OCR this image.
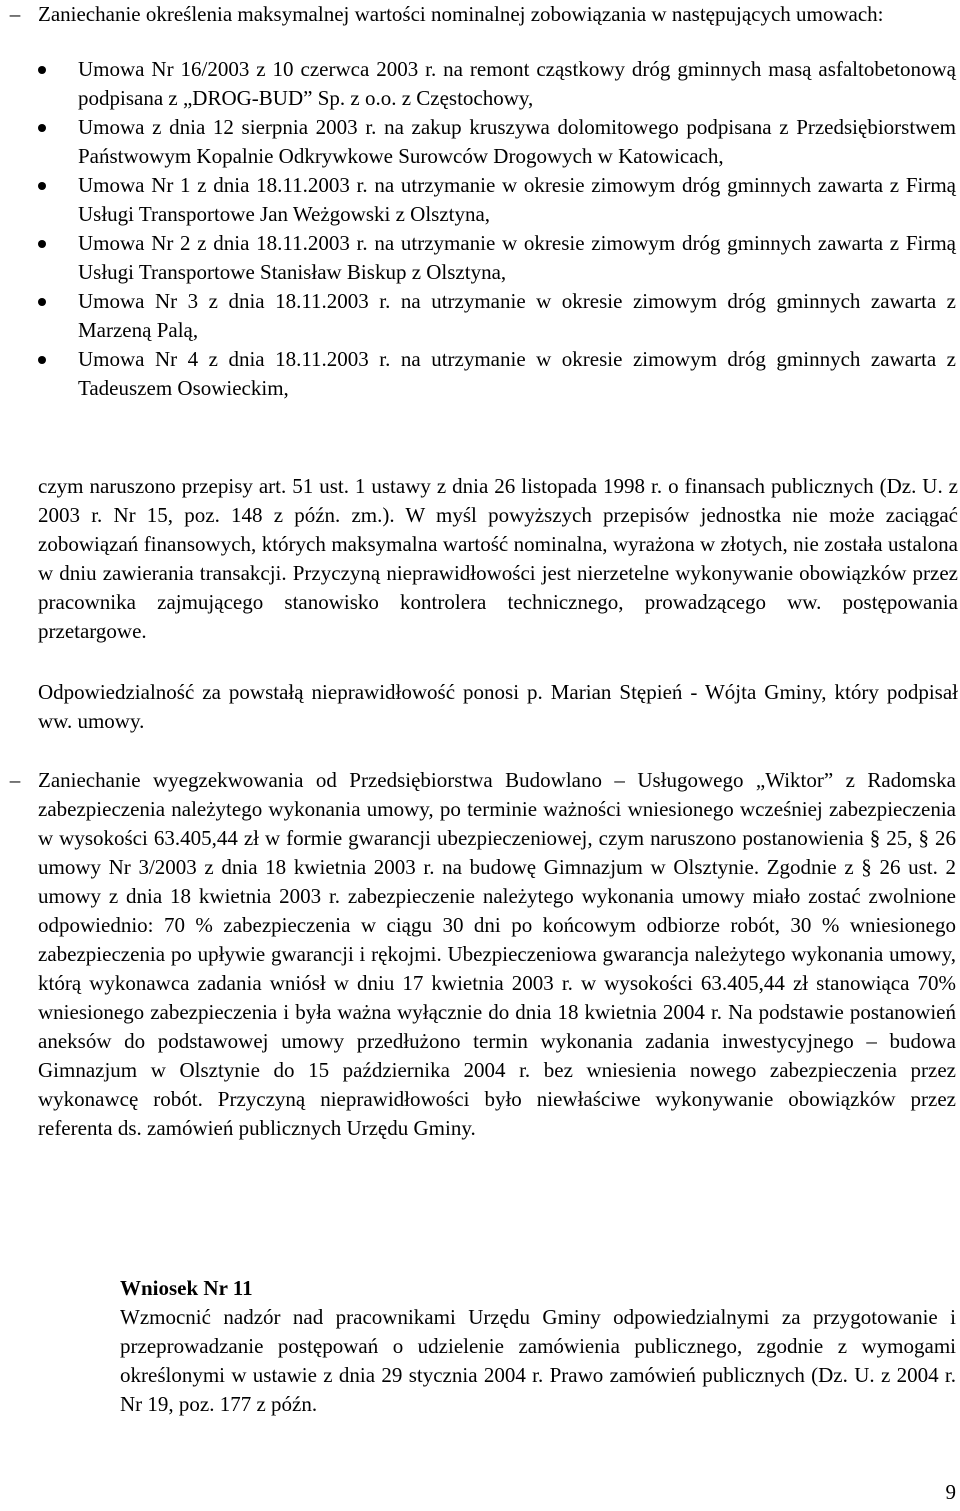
– Zaniechanie określenia maksymalnej wartości nominalnej zobowiązania w następujących umowach:
Umowa Nr 16/2003 z 10 czerwca 2003 r. na remont cząstkowy dróg gminnych masą asfaltobetonową podpisana z „DROG-BUD” Sp. z o.o. z Częstochowy,
Umowa z dnia 12 sierpnia 2003 r. na zakup kruszywa dolomitowego podpisana z Przedsiębiorstwem Państwowym Kopalnie Odkrywkowe Surowców Drogowych w Katowicach,
Umowa Nr 1 z dnia 18.11.2003 r. na utrzymanie w okresie zimowym dróg gminnych zawarta z Firmą Usługi Transportowe Jan Weżgowski z Olsztyna,
Umowa Nr 2 z dnia 18.11.2003 r. na utrzymanie w okresie zimowym dróg gminnych zawarta z Firmą Usługi Transportowe Stanisław Biskup z Olsztyna,
Umowa Nr 3 z dnia 18.11.2003 r. na utrzymanie w okresie zimowym dróg gminnych zawarta z Marzeną Palą,
Umowa Nr 4 z dnia 18.11.2003 r. na utrzymanie w okresie zimowym dróg gminnych zawarta z Tadeuszem Osowieckim,
czym naruszono przepisy art. 51 ust. 1 ustawy z dnia 26 listopada 1998 r. o finansach publicznych (Dz. U. z 2003 r. Nr 15, poz. 148 z późn. zm.). W myśl powyższych przepisów jednostka nie może zaciągać zobowiązań finansowych, których maksymalna wartość nominalna, wyrażona w złotych, nie została ustalona w dniu zawierania transakcji. Przyczyną nieprawidłowości jest nierzetelne wykonywanie obowiązków przez pracownika zajmującego stanowisko kontrolera technicznego, prowadzącego ww. postępowania przetargowe.
Odpowiedzialność za powstałą nieprawidłowość ponosi p. Marian Stępień - Wójta Gminy, który podpisał ww. umowy.
– Zaniechanie wyegzekwowania od Przedsiębiorstwa Budowlano – Usługowego „Wiktor” z Radomska zabezpieczenia należytego wykonania umowy, po terminie ważności wniesionego wcześniej zabezpieczenia w wysokości 63.405,44 zł w formie gwarancji ubezpieczeniowej, czym naruszono postanowienia § 25, § 26 umowy Nr 3/2003 z dnia 18 kwietnia 2003 r. na budowę Gimnazjum w Olsztynie. Zgodnie z § 26 ust. 2 umowy z dnia 18 kwietnia 2003 r. zabezpieczenie należytego wykonania umowy miało zostać zwolnione odpowiednio: 70 % zabezpieczenia w ciągu 30 dni po końcowym odbiorze robót, 30 % wniesionego zabezpieczenia po upływie gwarancji i rękojmi. Ubezpieczeniowa gwarancja należytego wykonania umowy, którą wykonawca zadania wniósł w dniu 17 kwietnia 2003 r. w wysokości 63.405,44 zł stanowiąca 70% wniesionego zabezpieczenia i była ważna wyłącznie do dnia 18 kwietnia 2004 r. Na podstawie postanowień aneksów do podstawowej umowy przedłużono termin wykonania zadania inwestycyjnego – budowa Gimnazjum w Olsztynie do 15 października 2004 r. bez wniesienia nowego zabezpieczenia przez wykonawcę robót. Przyczyną nieprawidłowości było niewłaściwe wykonywanie obowiązków przez referenta ds. zamówień publicznych Urzędu Gminy.
Wniosek Nr 11
Wzmocnić nadzór nad pracownikami Urzędu Gminy odpowiedzialnymi za przygotowanie i przeprowadzanie postępowań o udzielenie zamówienia publicznego, zgodnie z wymogami określonymi w ustawie z dnia 29 stycznia 2004 r. Prawo zamówień publicznych (Dz. U. z 2004 r. Nr 19, poz. 177 z późn.
9
